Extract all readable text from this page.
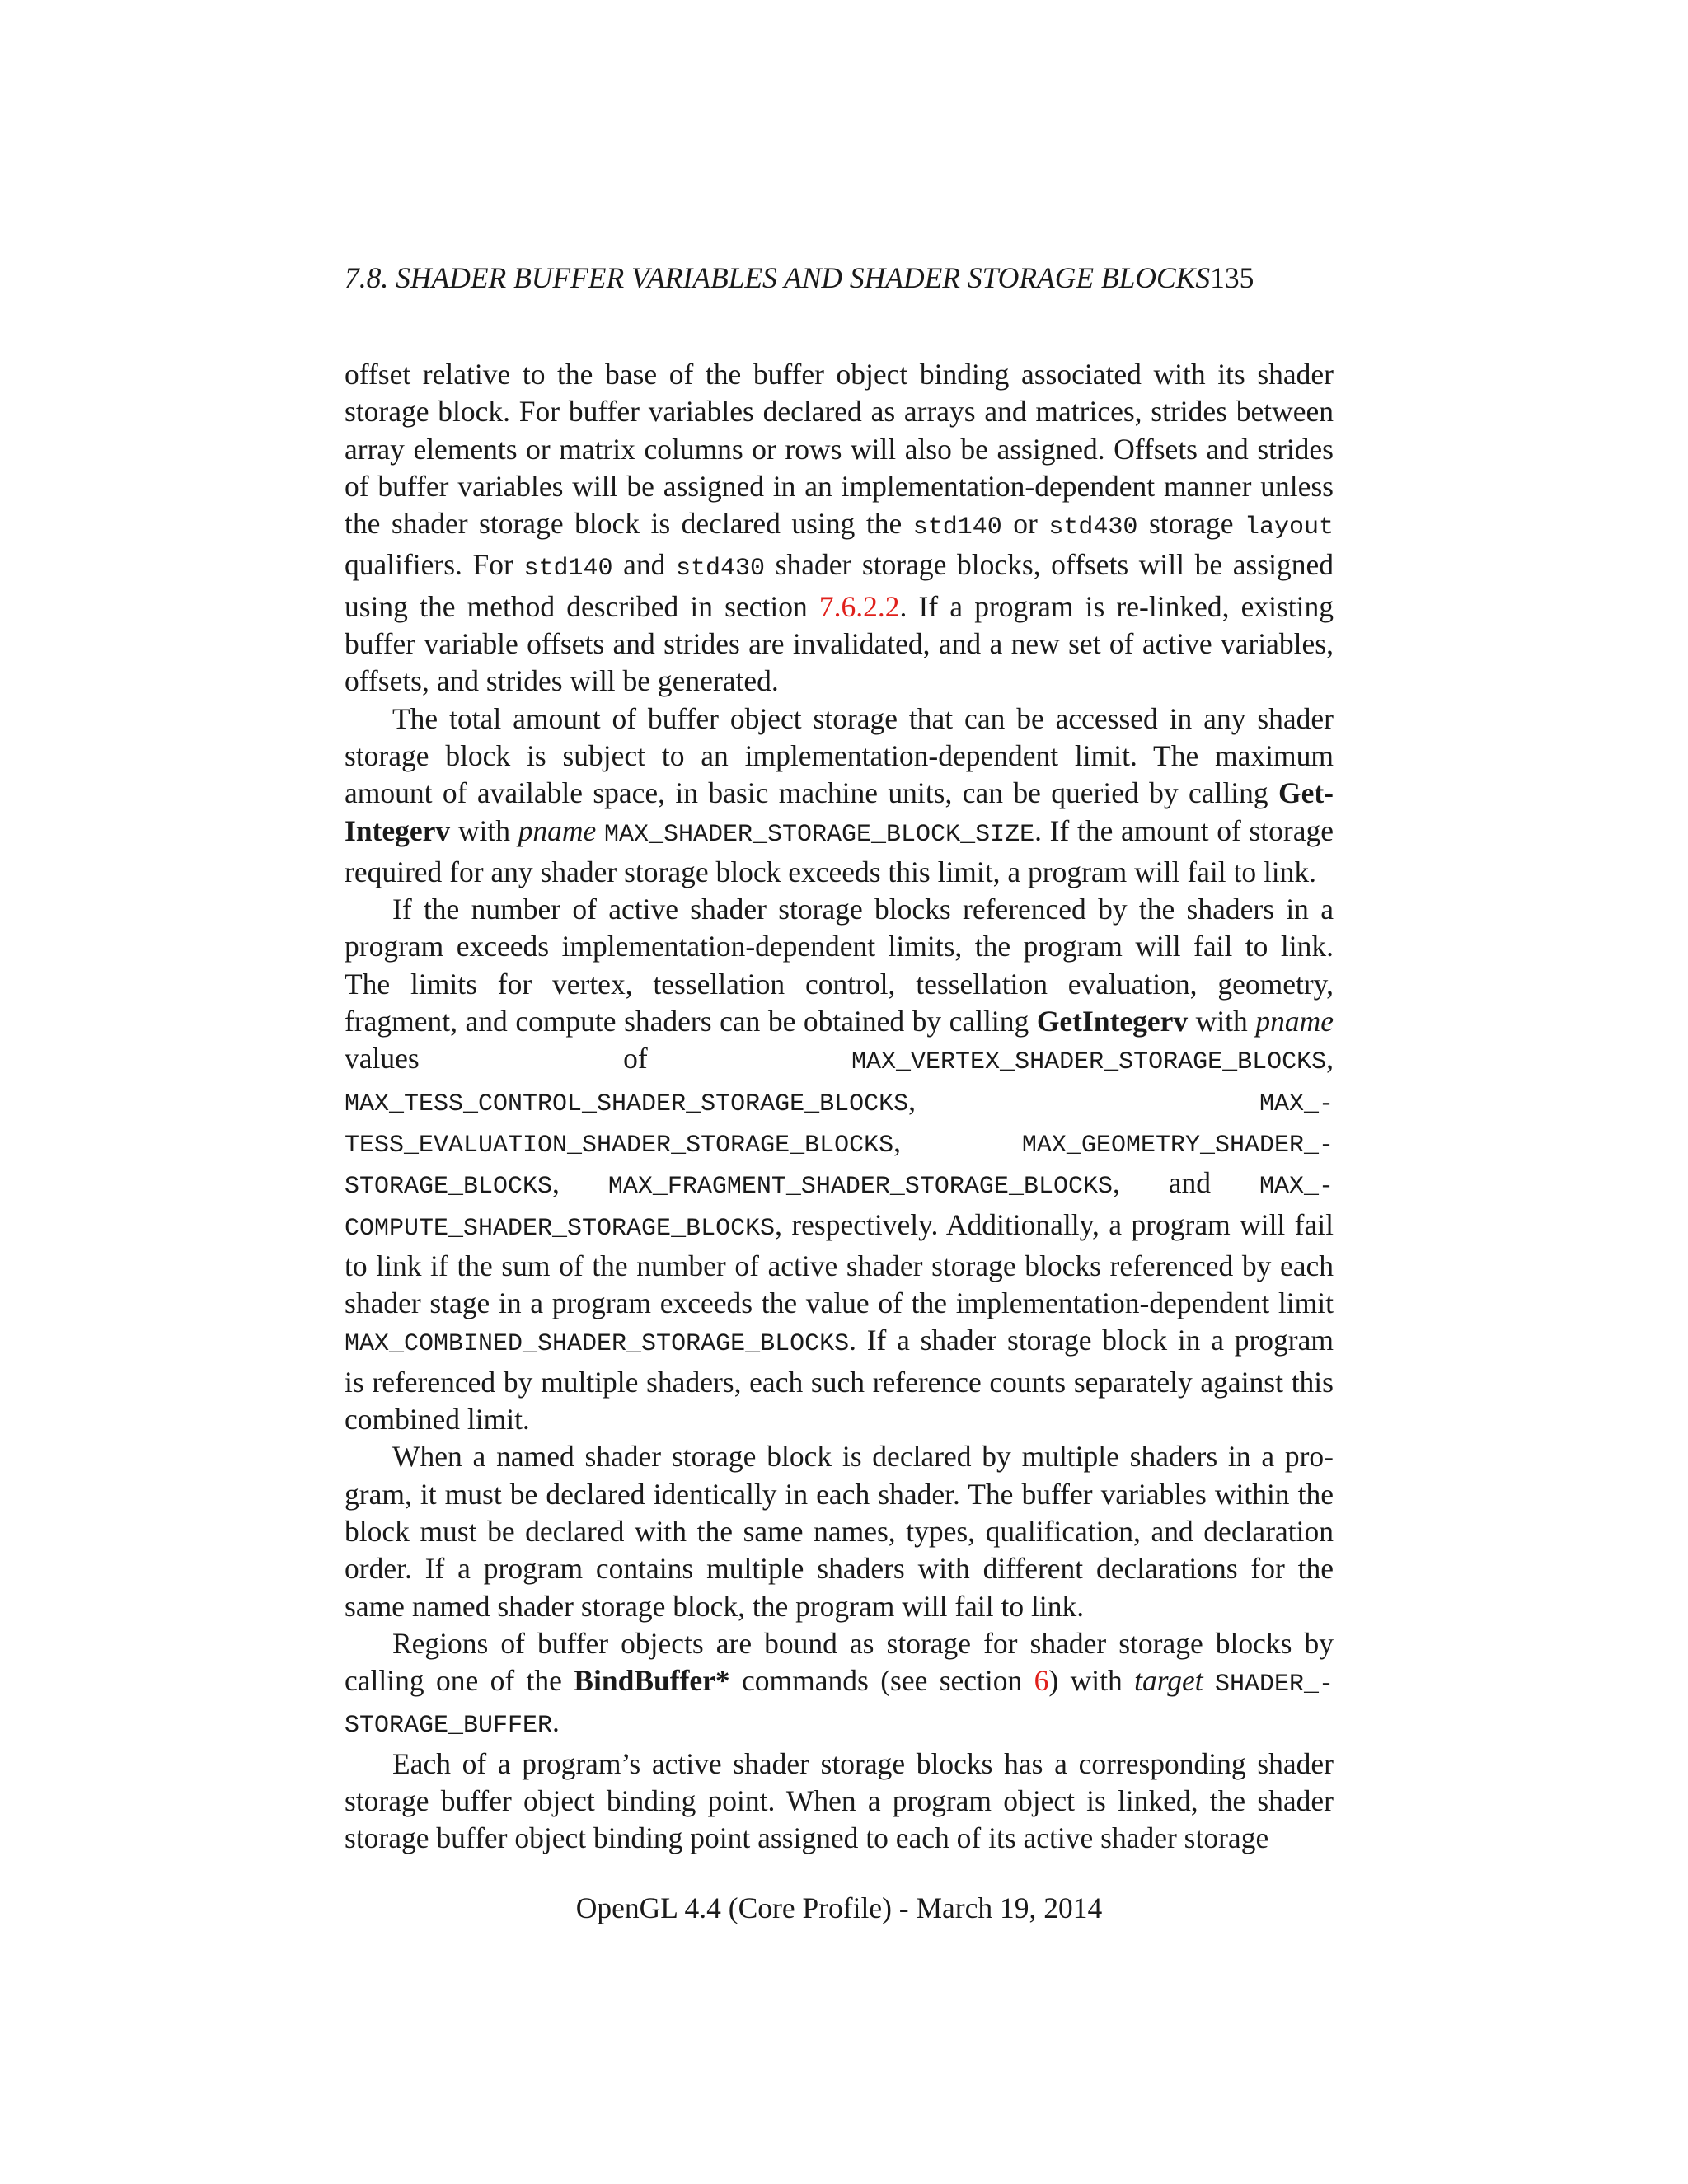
7.8. SHADER BUFFER VARIABLES AND SHADER STORAGE BLOCKS135

offset relative to the base of the buffer object binding associated with its shader storage block. For buffer variables declared as arrays and matrices, strides between array elements or matrix columns or rows will also be assigned. Offsets and strides of buffer variables will be assigned in an implementation-dependent manner unless the shader storage block is declared using the std140 or std430 storage layout qualifiers. For std140 and std430 shader storage blocks, offsets will be assigned using the method described in section 7.6.2.2. If a program is re-linked, existing buffer variable offsets and strides are invalidated, and a new set of active variables, offsets, and strides will be generated.

The total amount of buffer object storage that can be accessed in any shader storage block is subject to an implementation-dependent limit. The maximum amount of available space, in basic machine units, can be queried by calling GetIntegerv with pname MAX_SHADER_STORAGE_BLOCK_SIZE. If the amount of storage required for any shader storage block exceeds this limit, a program will fail to link.

If the number of active shader storage blocks referenced by the shaders in a program exceeds implementation-dependent limits, the program will fail to link. The limits for vertex, tessellation control, tessellation evaluation, geometry, fragment, and compute shaders can be obtained by calling GetIntegerv with pname values of MAX_VERTEX_SHADER_STORAGE_BLOCKS, MAX_TESS_CONTROL_SHADER_STORAGE_BLOCKS, MAX_TESS_EVALUATION_SHADER_STORAGE_BLOCKS, MAX_GEOMETRY_SHADER_STORAGE_BLOCKS, MAX_FRAGMENT_SHADER_STORAGE_BLOCKS, and MAX_COMPUTE_SHADER_STORAGE_BLOCKS, respectively. Additionally, a program will fail to link if the sum of the number of active shader storage blocks referenced by each shader stage in a program exceeds the value of the implementation-dependent limit MAX_COMBINED_SHADER_STORAGE_BLOCKS. If a shader storage block in a program is referenced by multiple shaders, each such reference counts separately against this combined limit.

When a named shader storage block is declared by multiple shaders in a program, it must be declared identically in each shader. The buffer variables within the block must be declared with the same names, types, qualification, and declaration order. If a program contains multiple shaders with different declarations for the same named shader storage block, the program will fail to link.

Regions of buffer objects are bound as storage for shader storage blocks by calling one of the BindBuffer* commands (see section 6) with target SHADER_STORAGE_BUFFER.

Each of a program’s active shader storage blocks has a corresponding shader storage buffer object binding point. When a program object is linked, the shader storage buffer object binding point assigned to each of its active shader storage

OpenGL 4.4 (Core Profile) - March 19, 2014
